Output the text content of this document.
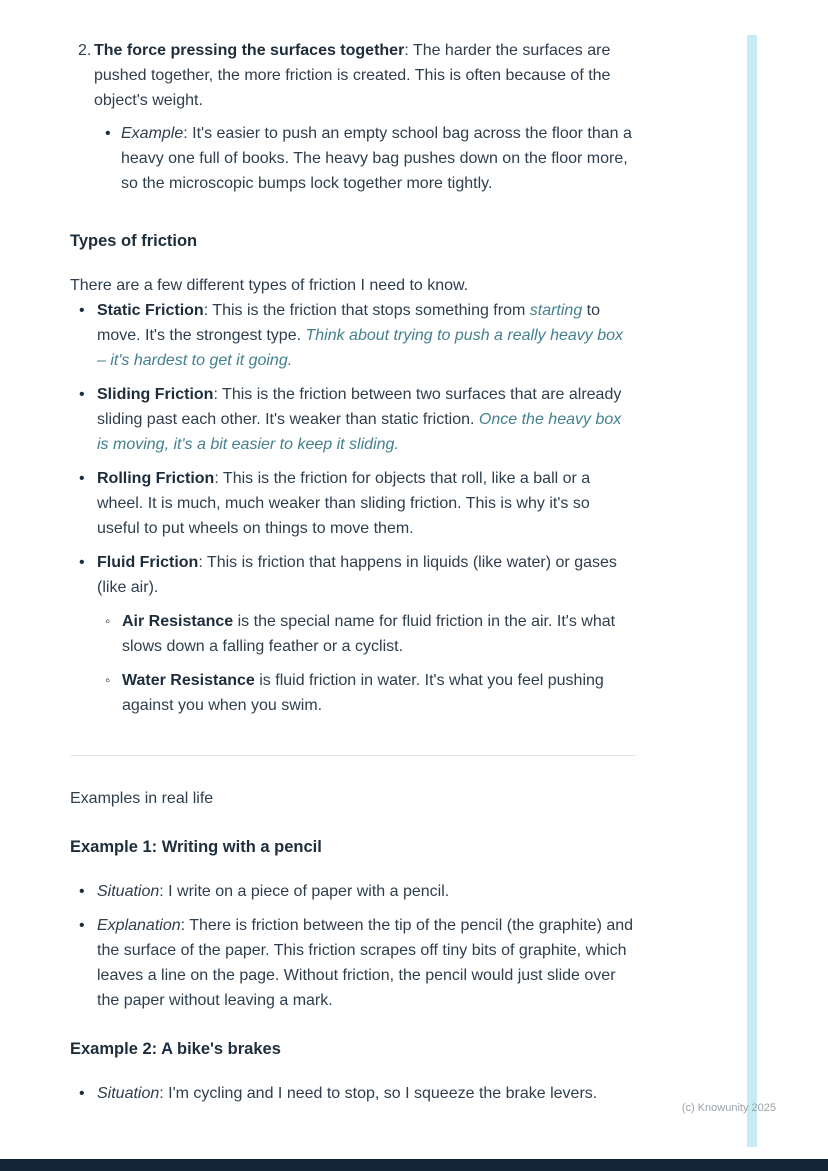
2. The force pressing the surfaces together: The harder the surfaces are pushed together, the more friction is created. This is often because of the object's weight.

• Example: It's easier to push an empty school bag across the floor than a heavy one full of books. The heavy bag pushes down on the floor more, so the microscopic bumps lock together more tightly.

Types of friction

There are a few different types of friction I need to know.

• Static Friction: This is the friction that stops something from starting to move. It's the strongest type. Think about trying to push a really heavy box – it's hardest to get it going.

• Sliding Friction: This is the friction between two surfaces that are already sliding past each other. It's weaker than static friction. Once the heavy box is moving, it's a bit easier to keep it sliding.

• Rolling Friction: This is the friction for objects that roll, like a ball or a wheel. It is much, much weaker than sliding friction. This is why it's so useful to put wheels on things to move them.

• Fluid Friction: This is friction that happens in liquids (like water) or gases (like air).

◦ Air Resistance is the special name for fluid friction in the air. It's what slows down a falling feather or a cyclist.

◦ Water Resistance is fluid friction in water. It's what you feel pushing against you when you swim.

Examples in real life

Example 1: Writing with a pencil
• Situation: I write on a piece of paper with a pencil.

• Explanation: There is friction between the tip of the pencil (the graphite) and the surface of the paper. This friction scrapes off tiny bits of graphite, which leaves a line on the page. Without friction, the pencil would just slide over the paper without leaving a mark.

Example 2: A bike's brakes
• Situation: I'm cycling and I need to stop, so I squeeze the brake levers.

(c) Knowunity 2025
